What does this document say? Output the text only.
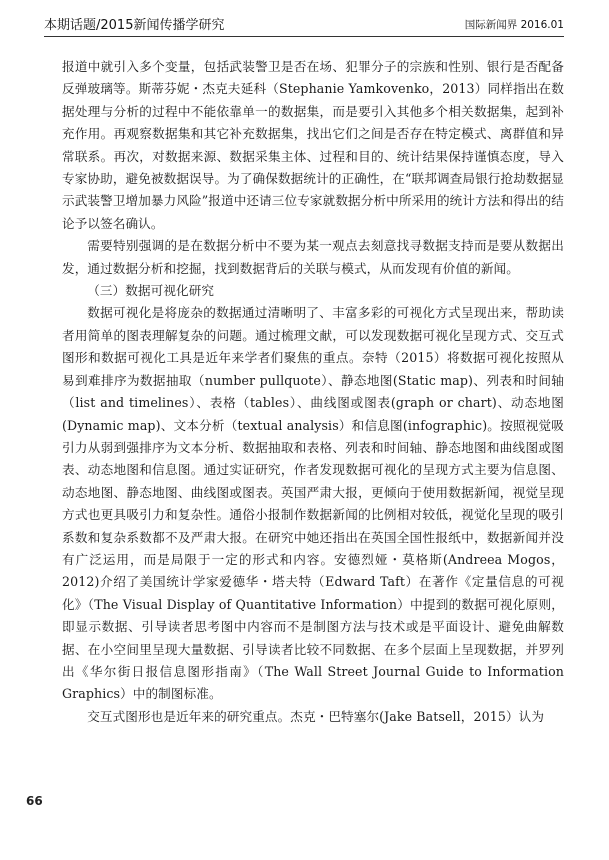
本期话题/2015新闻传播学研究	国际新闻界 2016.01

报道中就引入多个变量，包括武装警卫是否在场、犯罪分子的宗族和性别、银行是否配备反弹玻璃等。斯蒂芬妮・杰克夫延科（Stephanie Yamkovenko，2013）同样指出在数据处理与分析的过程中不能依靠单一的数据集，而是要引入其他多个相关数据集，起到补充作用。再观察数据集和其它补充数据集，找出它们之间是否存在特定模式、离群值和异常联系。再次，对数据来源、数据采集主体、过程和目的、统计结果保持谨慎态度，导入专家协助，避免被数据误导。为了确保数据统计的正确性，在“联邦调查局银行抢劫数据显示武装警卫增加暴力风险”报道中还请三位专家就数据分析中所采用的统计方法和得出的结论予以签名确认。

需要特别强调的是在数据分析中不要为某一观点去刻意找寻数据支持而是要从数据出发，通过数据分析和挖掘，找到数据背后的关联与模式，从而发现有价值的新闻。

（三）数据可视化研究

数据可视化是将庞杂的数据通过清晰明了、丰富多彩的可视化方式呈现出来，帮助读者用简单的图表理解复杂的问题。通过梳理文献，可以发现数据可视化呈现方式、交互式图形和数据可视化工具是近年来学者们聚焦的重点。奈特（2015）将数据可视化按照从易到难排序为数据抽取（number pullquote）、静态地图(Static map)、列表和时间轴（list and timelines）、表格（tables）、曲线图或图表(graph or chart)、动态地图(Dynamic map)、文本分析（textual analysis）和信息图(infographic)。按照视觉吸引力从弱到强排序为文本分析、数据抽取和表格、列表和时间轴、静态地图和曲线图或图表、动态地图和信息图。通过实证研究，作者发现数据可视化的呈现方式主要为信息图、动态地图、静态地图、曲线图或图表。英国严肃大报，更倾向于使用数据新闻，视觉呈现方式也更具吸引力和复杂性。通俗小报制作数据新闻的比例相对较低，视觉化呈现的吸引系数和复杂系数都不及严肃大报。在研究中她还指出在英国全国性报纸中，数据新闻并没有广泛运用，而是局限于一定的形式和内容。安德烈娅・莫格斯(Andreea Mogos，2012)介绍了美国统计学家爱德华・塔夫特（Edward Taft）在著作《定量信息的可视化》（The Visual Display of Quantitative Information）中提到的数据可视化原则，即显示数据、引导读者思考图中内容而不是制图方法与技术或是平面设计、避免曲解数据、在小空间里呈现大量数据、引导读者比较不同数据、在多个层面上呈现数据，并罗列出《华尔街日报信息图形指南》（The Wall Street Journal Guide to Information Graphics）中的制图标准。

交互式图形也是近年来的研究重点。杰克・巴特塞尔(Jake Batsell，2015）认为

66
